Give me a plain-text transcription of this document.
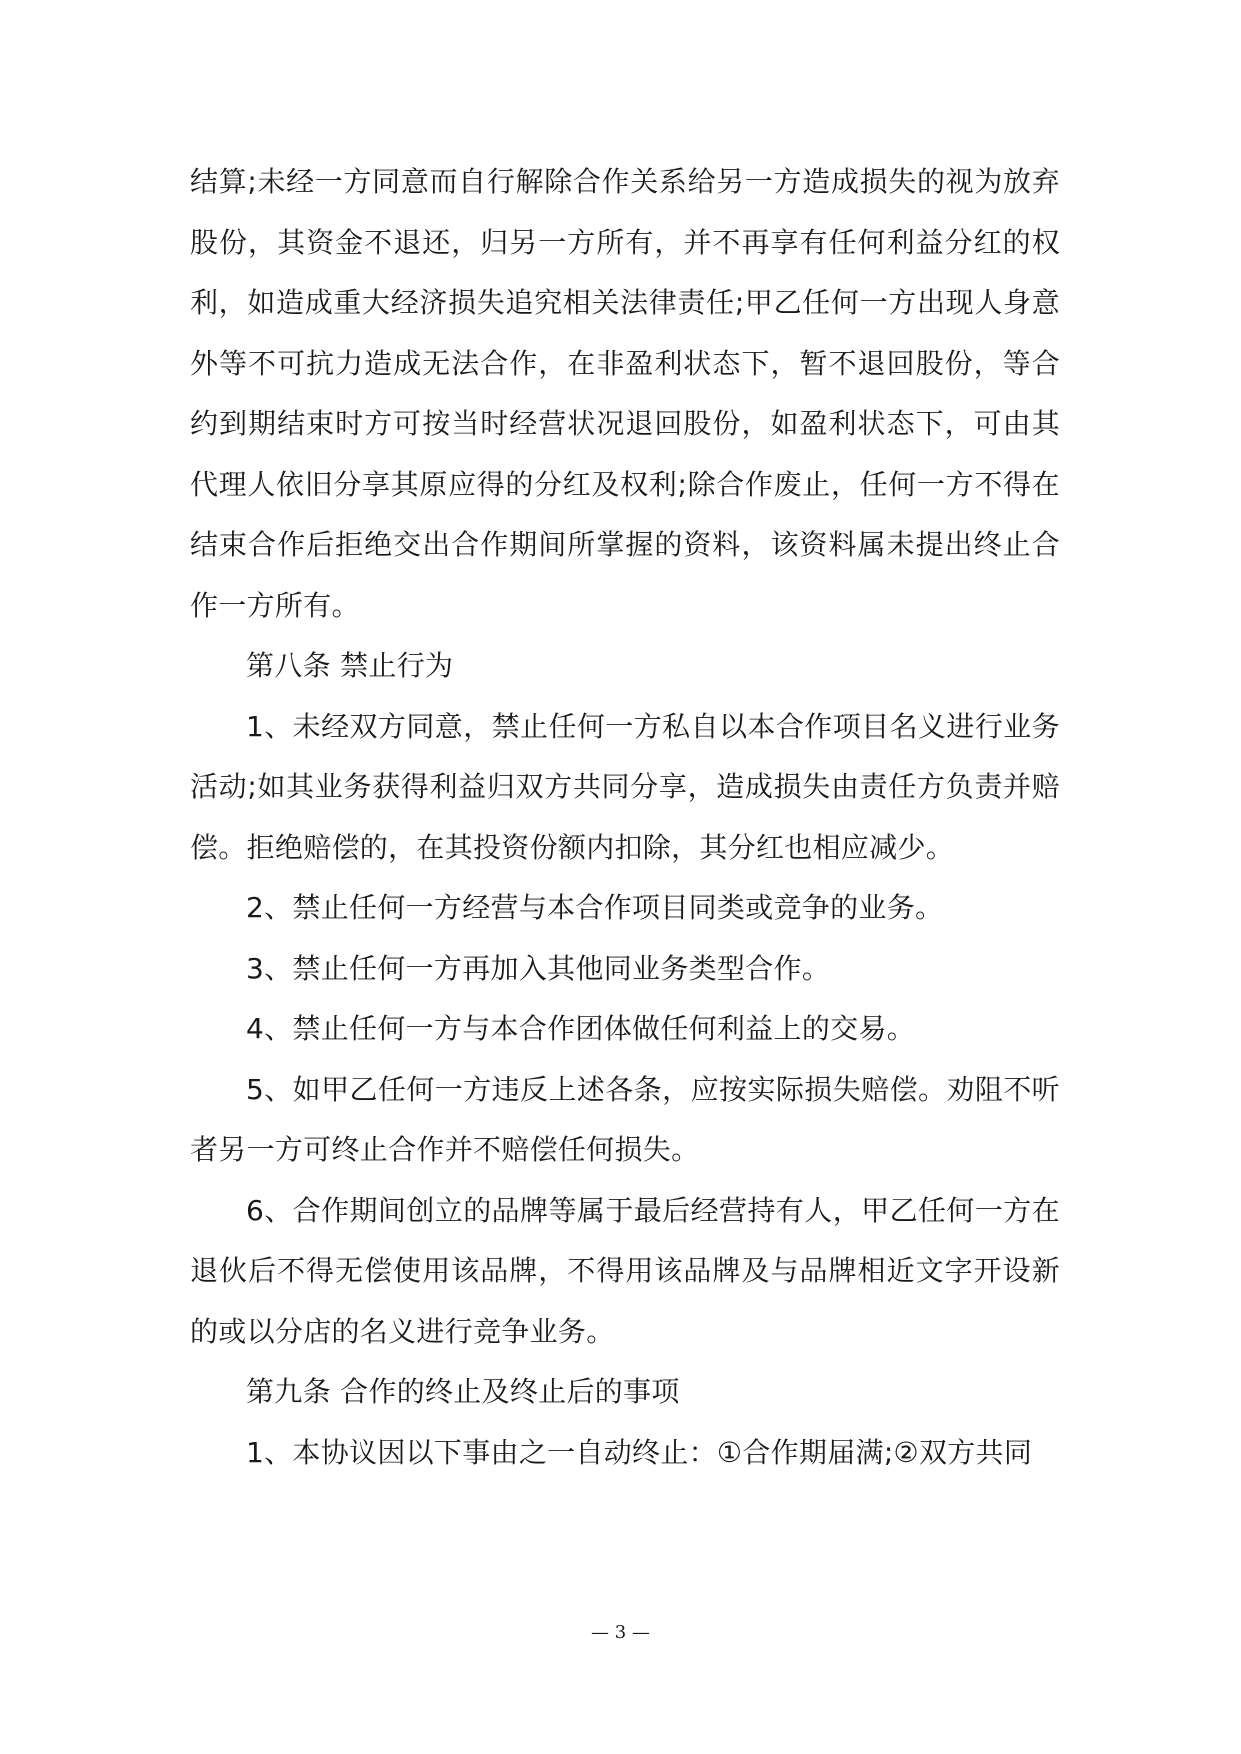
结算;未经一方同意而自行解除合作关系给另一方造成损失的视为放弃股份，其资金不退还，归另一方所有，并不再享有任何利益分红的权利，如造成重大经济损失追究相关法律责任;甲乙任何一方出现人身意外等不可抗力造成无法合作，在非盈利状态下，暂不退回股份，等合约到期结束时方可按当时经营状况退回股份，如盈利状态下，可由其代理人依旧分享其原应得的分红及权利;除合作废止，任何一方不得在结束合作后拒绝交出合作期间所掌握的资料，该资料属未提出终止合作一方所有。

第八条 禁止行为

1、未经双方同意，禁止任何一方私自以本合作项目名义进行业务活动;如其业务获得利益归双方共同分享，造成损失由责任方负责并赔偿。拒绝赔偿的，在其投资份额内扣除，其分红也相应减少。

2、禁止任何一方经营与本合作项目同类或竞争的业务。

3、禁止任何一方再加入其他同业务类型合作。

4、禁止任何一方与本合作团体做任何利益上的交易。

5、如甲乙任何一方违反上述各条，应按实际损失赔偿。劝阻不听者另一方可终止合作并不赔偿任何损失。

6、合作期间创立的品牌等属于最后经营持有人，甲乙任何一方在退伙后不得无偿使用该品牌，不得用该品牌及与品牌相近文字开设新的或以分店的名义进行竞争业务。

第九条 合作的终止及终止后的事项

1、本协议因以下事由之一自动终止：①合作期届满;②双方共同

— 3 —
